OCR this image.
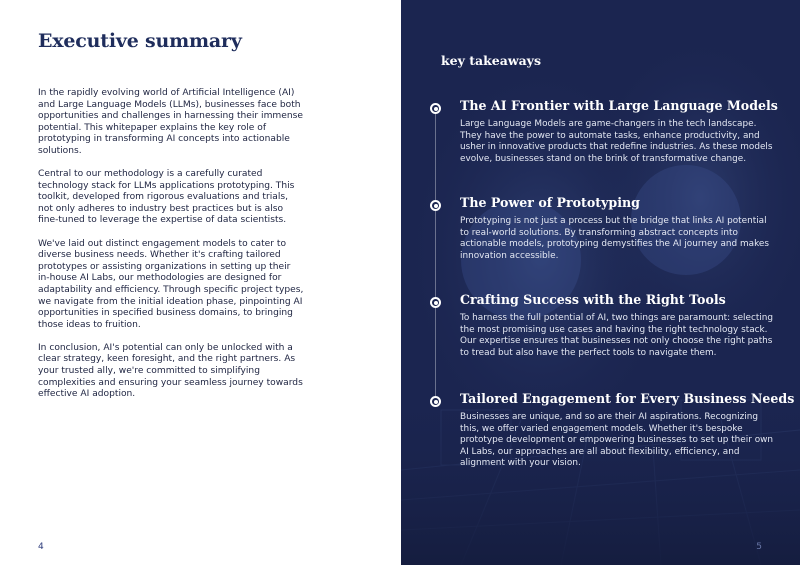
Executive summary

In the rapidly evolving world of Artificial Intelligence (AI) and Large Language Models (LLMs), businesses face both opportunities and challenges in harnessing their immense potential. This whitepaper explains the key role of prototyping in transforming AI concepts into actionable solutions.

Central to our methodology is a carefully curated technology stack for LLMs applications prototyping. This toolkit, developed from rigorous evaluations and trials, not only adheres to industry best practices but is also fine-tuned to leverage the expertise of data scientists.

We've laid out distinct engagement models to cater to diverse business needs. Whether it's crafting tailored prototypes or assisting organizations in setting up their in-house AI Labs, our methodologies are designed for adaptability and efficiency. Through specific project types, we navigate from the initial ideation phase, pinpointing AI opportunities in specified business domains, to bringing those ideas to fruition.

In conclusion, AI's potential can only be unlocked with a clear strategy, keen foresight, and the right partners. As your trusted ally, we're committed to simplifying complexities and ensuring your seamless journey towards effective AI adoption.

4
key takeaways
The AI Frontier with Large Language Models

Large Language Models are game-changers in the tech landscape. They have the power to automate tasks, enhance productivity, and usher in innovative products that redefine industries. As these models evolve, businesses stand on the brink of transformative change.

The Power of Prototyping

Prototyping is not just a process but the bridge that links AI potential to real-world solutions. By transforming abstract concepts into actionable models, prototyping demystifies the AI journey and makes innovation accessible.

Crafting Success with the Right Tools

To harness the full potential of AI, two things are paramount: selecting the most promising use cases and having the right technology stack. Our expertise ensures that businesses not only choose the right paths to tread but also have the perfect tools to navigate them.

Tailored Engagement for Every Business Needs

Businesses are unique, and so are their AI aspirations. Recognizing this, we offer varied engagement models. Whether it's bespoke prototype development or empowering businesses to set up their own AI Labs, our approaches are all about flexibility, efficiency, and alignment with your vision.

5
